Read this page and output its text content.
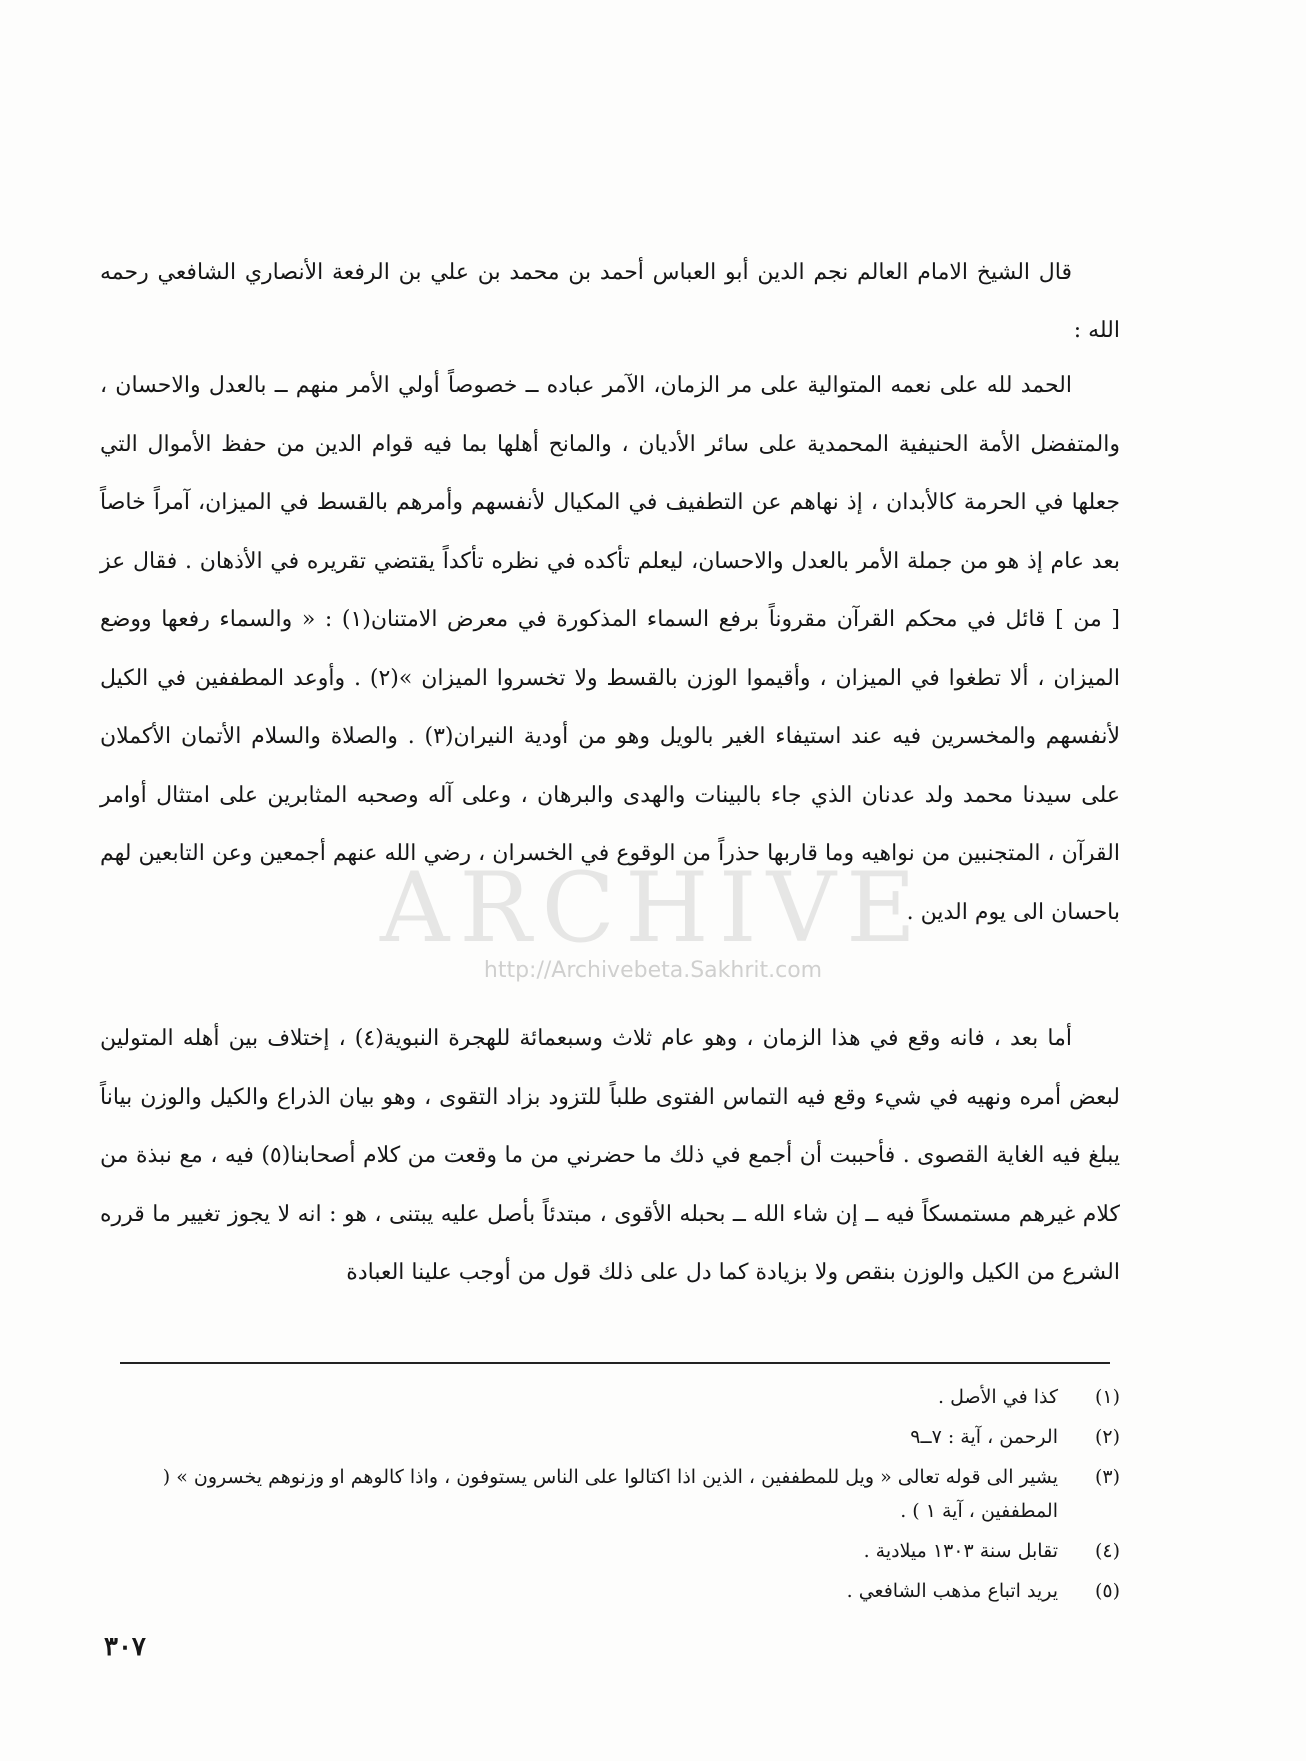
قال الشيخ الامام العالم نجم الدين أبو العباس أحمد بن محمد بن علي بن الرفعة الأنصاري الشافعي رحمه الله :
الحمد لله على نعمه المتوالية على مر الزمان، الآمر عباده ــ خصوصاً أولي الأمر منهم ــ بالعدل والاحسان ، والمتفضل الأمة الحنيفية المحمدية على سائر الأديان ، والمانح أهلها بما فيه قوام الدين من حفظ الأموال التي جعلها في الحرمة كالأبدان ، إذ نهاهم عن التطفيف في المكيال لأنفسهم وأمرهم بالقسط في الميزان، آمراً خاصاً بعد عام إذ هو من جملة الأمر بالعدل والاحسان، ليعلم تأكده في نظره تأكداً يقتضي تقريره في الأذهان . فقال عز [ من ] قائل في محكم القرآن مقروناً برفع السماء المذكورة في معرض الامتنان(١) : « والسماء رفعها ووضع الميزان ، ألا تطغوا في الميزان ، وأقيموا الوزن بالقسط ولا تخسروا الميزان »(٢) . وأوعد المطففين في الكيل لأنفسهم والمخسرين فيه عند استيفاء الغير بالويل وهو من أودية النيران(٣) . والصلاة والسلام الأتمان الأكملان على سيدنا محمد ولد عدنان الذي جاء بالبينات والهدى والبرهان ، وعلى آله وصحبه المثابرين على امتثال أوامر القرآن ، المتجنبين من نواهيه وما قاربها حذراً من الوقوع في الخسران ، رضي الله عنهم أجمعين وعن التابعين لهم باحسان الى يوم الدين .
أما بعد ، فانه وقع في هذا الزمان ، وهو عام ثلاث وسبعمائة للهجرة النبوية(٤) ، إختلاف بين أهله المتولين لبعض أمره ونهيه في شيء وقع فيه التماس الفتوى طلباً للتزود بزاد التقوى ، وهو بيان الذراع والكيل والوزن بياناً يبلغ فيه الغاية القصوى . فأحببت أن أجمع في ذلك ما حضرني من ما وقعت من كلام أصحابنا(٥) فيه ، مع نبذة من كلام غيرهم مستمسكاً فيه ــ إن شاء الله ــ بحبله الأقوى ، مبتدئاً بأصل عليه يبتنى ، هو : انه لا يجوز تغيير ما قرره الشرع من الكيل والوزن بنقص ولا بزيادة كما دل على ذلك قول من أوجب علينا العبادة
(١)
كذا في الأصل .
(٢)
الرحمن ، آية : ٧ــ٩
(٣)
يشير الى قوله تعالى « ويل للمطففين ، الذين اذا اكتالوا على الناس يستوفون ، واذا كالوهم او وزنوهم يخسرون » ( المطففين ، آية ١ ) .
(٤)
تقابل سنة ١٣٠٣ ميلادية .
(٥)
يريد اتباع مذهب الشافعي .
٣٠٧
ARCHIVE
http://Archivebeta.Sakhrit.com
